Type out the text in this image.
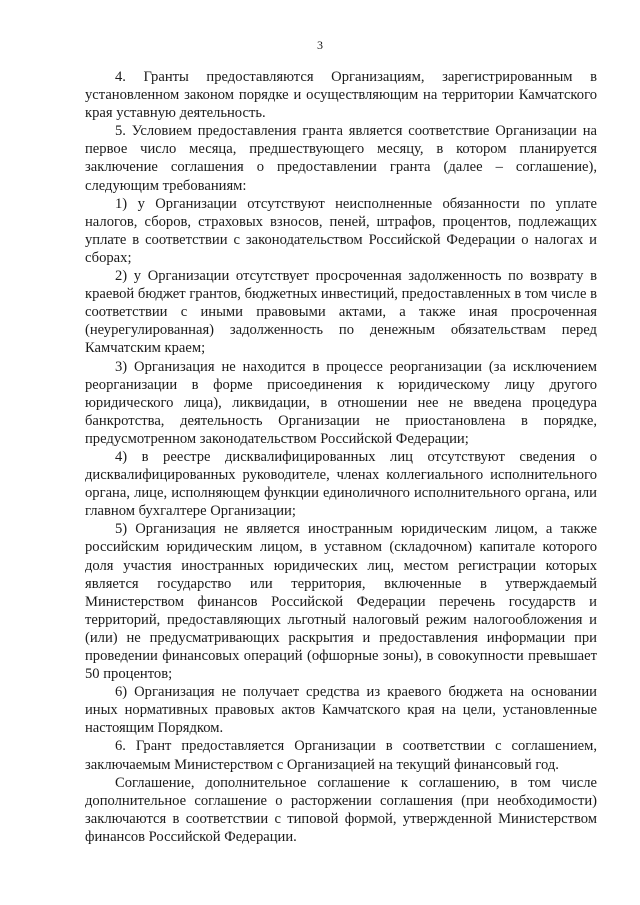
3

4. Гранты предоставляются Организациям, зарегистрированным в установленном законом порядке и осуществляющим на территории Камчатского края уставную деятельность.

5. Условием предоставления гранта является соответствие Организации на первое число месяца, предшествующего месяцу, в котором планируется заключение соглашения о предоставлении гранта (далее – соглашение), следующим требованиям:

1) у Организации отсутствуют неисполненные обязанности по уплате налогов, сборов, страховых взносов, пеней, штрафов, процентов, подлежащих уплате в соответствии с законодательством Российской Федерации о налогах и сборах;

2) у Организации отсутствует просроченная задолженность по возврату в краевой бюджет грантов, бюджетных инвестиций, предоставленных в том числе в соответствии с иными правовыми актами, а также иная просроченная (неурегулированная) задолженность по денежным обязательствам перед Камчатским краем;

3) Организация не находится в процессе реорганизации (за исключением реорганизации в форме присоединения к юридическому лицу другого юридического лица), ликвидации, в отношении нее не введена процедура банкротства, деятельность Организации не приостановлена в порядке, предусмотренном законодательством Российской Федерации;

4) в реестре дисквалифицированных лиц отсутствуют сведения о дисквалифицированных руководителе, членах коллегиального исполнительного органа, лице, исполняющем функции единоличного исполнительного органа, или главном бухгалтере Организации;

5) Организация не является иностранным юридическим лицом, а также российским юридическим лицом, в уставном (складочном) капитале которого доля участия иностранных юридических лиц, местом регистрации которых является государство или территория, включенные в утверждаемый Министерством финансов Российской Федерации перечень государств и территорий, предоставляющих льготный налоговый режим налогообложения и (или) не предусматривающих раскрытия и предоставления информации при проведении финансовых операций (офшорные зоны), в совокупности превышает 50 процентов;

6) Организация не получает средства из краевого бюджета на основании иных нормативных правовых актов Камчатского края на цели, установленные настоящим Порядком.

6. Грант предоставляется Организации в соответствии с соглашением, заключаемым Министерством с Организацией на текущий финансовый год.

Соглашение, дополнительное соглашение к соглашению, в том числе дополнительное соглашение о расторжении соглашения (при необходимости) заключаются в соответствии с типовой формой, утвержденной Министерством финансов Российской Федерации.
